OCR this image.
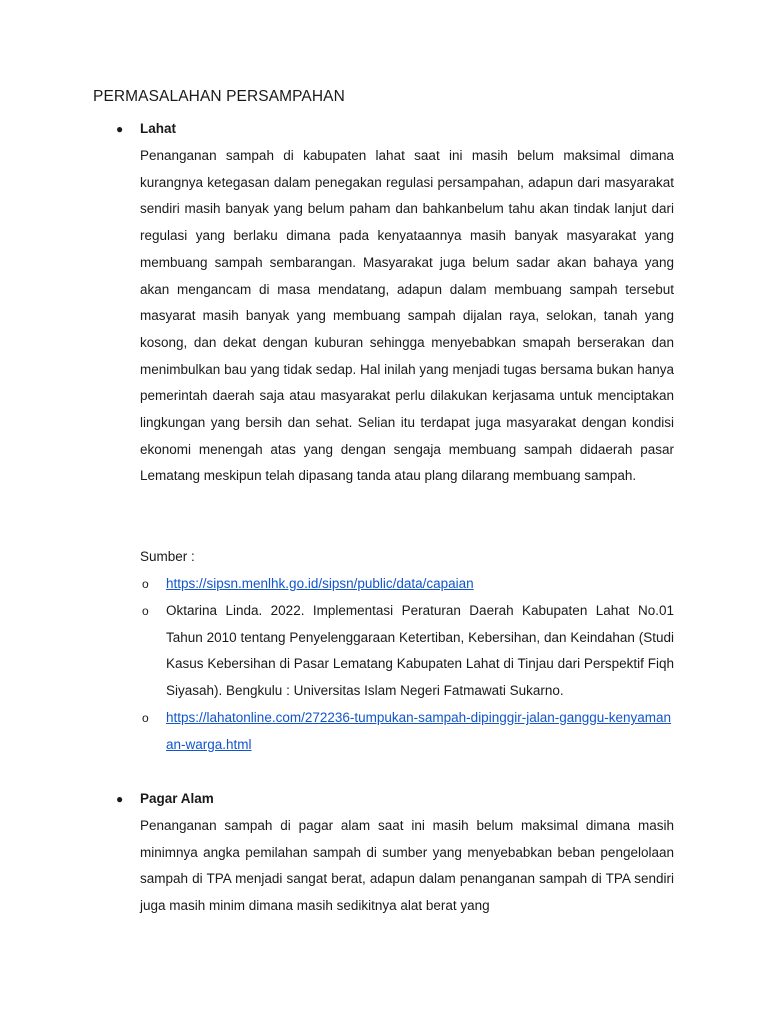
PERMASALAHAN PERSAMPAHAN
● Lahat

Penanganan sampah di kabupaten lahat saat ini masih belum maksimal dimana kurangnya ketegasan dalam penegakan regulasi persampahan, adapun dari masyarakat sendiri masih banyak yang belum paham dan bahkanbelum tahu akan tindak lanjut dari regulasi yang berlaku dimana pada kenyataannya masih banyak masyarakat yang membuang sampah sembarangan. Masyarakat juga belum sadar akan bahaya yang akan mengancam di masa mendatang, adapun dalam membuang sampah tersebut masyarat masih banyak yang membuang sampah dijalan raya, selokan, tanah yang kosong, dan dekat dengan kuburan sehingga menyebabkan smapah berserakan dan menimbulkan bau yang tidak sedap. Hal inilah yang menjadi tugas bersama bukan hanya pemerintah daerah saja atau masyarakat perlu dilakukan kerjasama untuk menciptakan lingkungan yang bersih dan sehat. Selian itu terdapat juga masyarakat dengan kondisi ekonomi menengah atas yang dengan sengaja membuang sampah didaerah pasar Lematang meskipun telah dipasang tanda atau plang dilarang membuang sampah.

Sumber :

o https://sipsn.menlhk.go.id/sipsn/public/data/capaian
o Oktarina Linda. 2022. Implementasi Peraturan Daerah Kabupaten Lahat No.01 Tahun 2010 tentang Penyelenggaraan Ketertiban, Kebersihan, dan Keindahan (Studi Kasus Kebersihan di Pasar Lematang Kabupaten Lahat di Tinjau dari Perspektif Fiqh Siyasah). Bengkulu : Universitas Islam Negeri Fatmawati Sukarno.

o https://lahatonline.com/272236-tumpukan-sampah-dipinggir-jalan-ganggu-kenyamanan-warga.html
● Pagar Alam

Penanganan sampah di pagar alam saat ini masih belum maksimal dimana masih minimnya angka pemilahan sampah di sumber yang menyebabkan beban pengelolaan sampah di TPA menjadi sangat berat, adapun dalam penanganan sampah di TPA sendiri juga masih minim dimana masih sedikitnya alat berat yang
